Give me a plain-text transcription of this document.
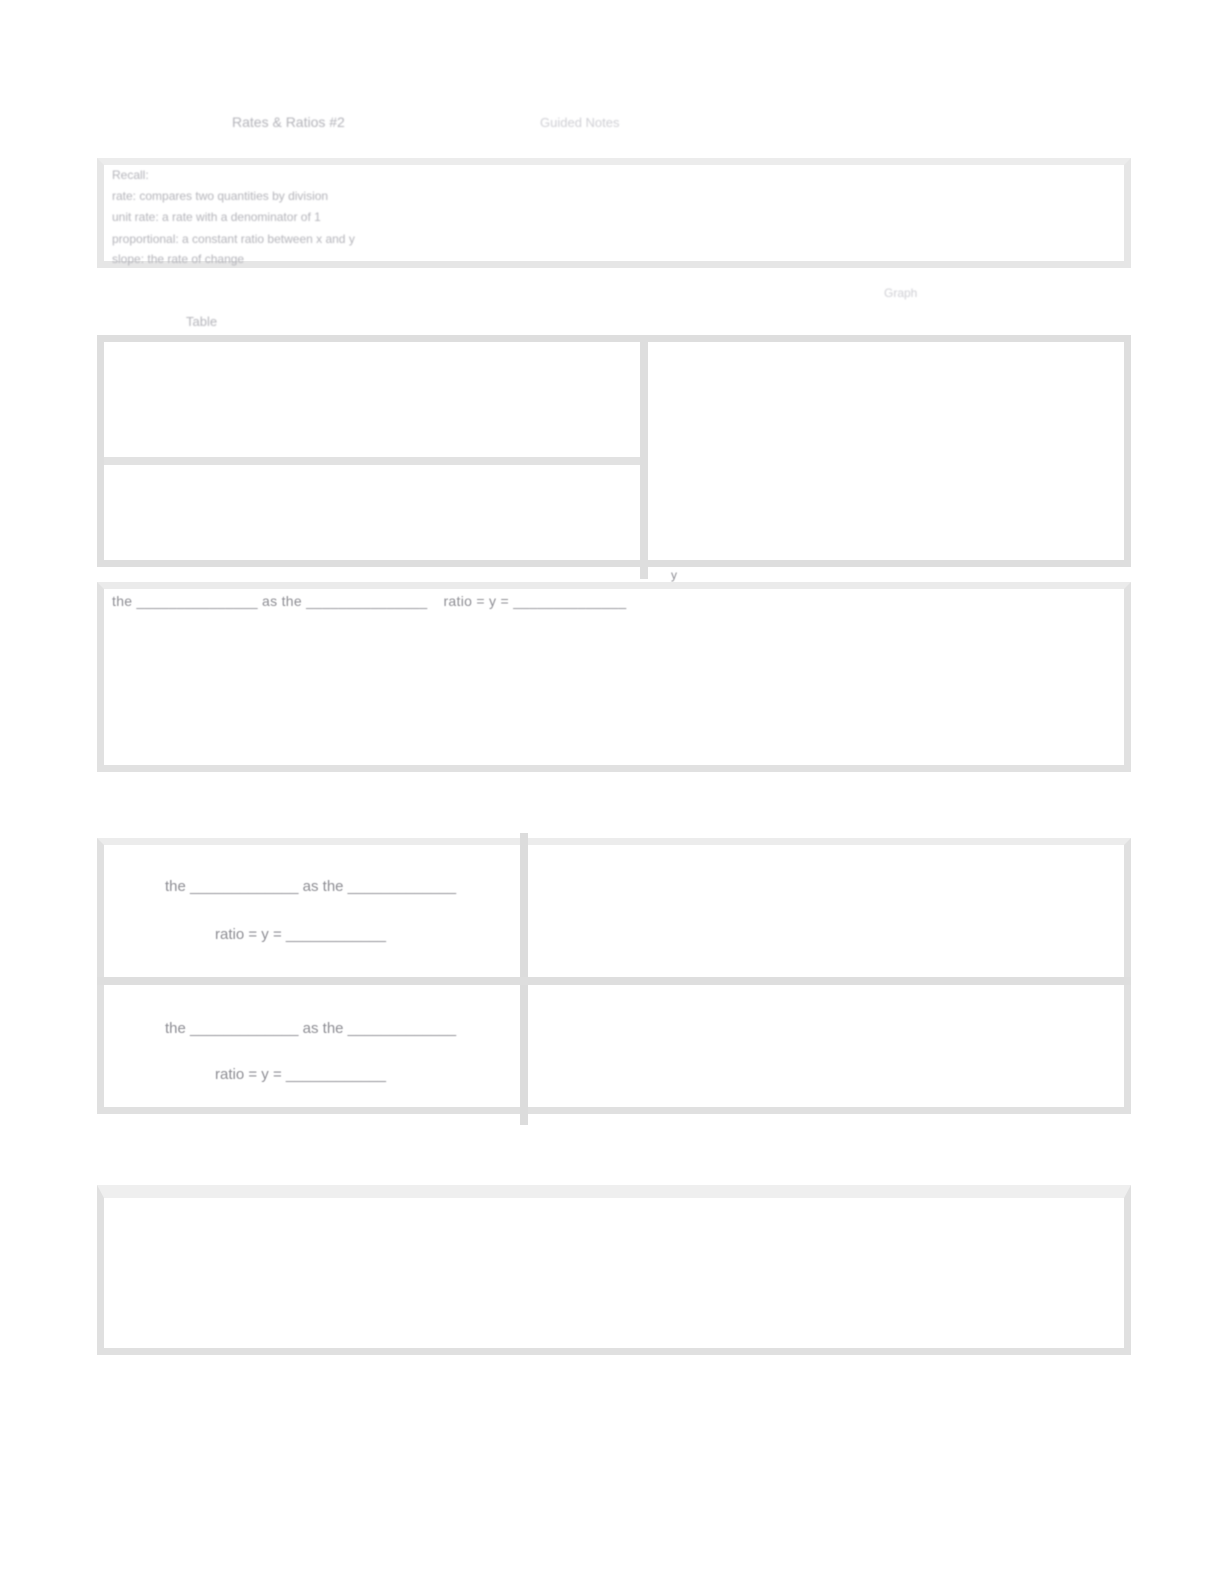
Rates & Ratios #2	Guided Notes
Recall:
rate: compares two quantities by division
unit rate: a rate with a denominator of 1
proportional: a constant ratio between x and y
slope: the rate of change
Graph
Table
y
the _______________ as the _______________ ratio = y = ______________
the _____________ as the _____________
ratio = y = ____________
the _____________ as the _____________
ratio = y = ____________
